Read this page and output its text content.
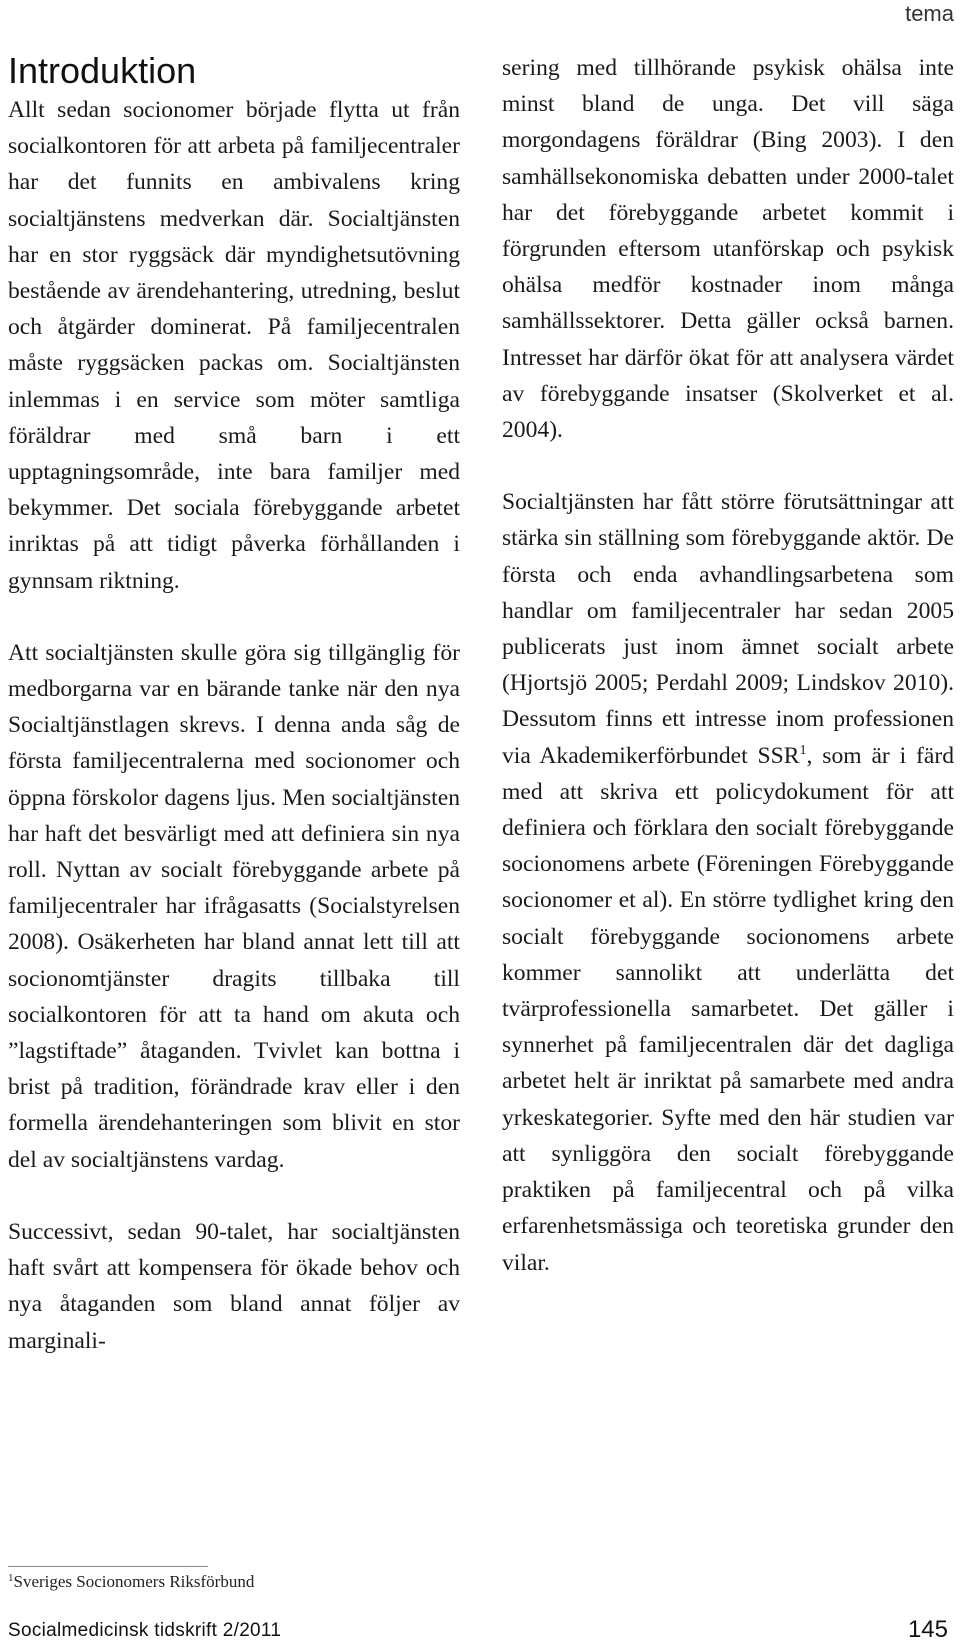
tema
Introduktion

Allt sedan socionomer började flytta ut från socialkontoren för att arbeta på familjecentraler har det funnits en ambivalens kring socialtjänstens medverkan där. Socialtjänsten har en stor ryggsäck där myndighetsutövning bestående av ärendehantering, utredning, beslut och åtgärder dominerat. På familjecentralen måste ryggsäcken packas om. Socialtjänsten inlemmas i en service som möter samtliga föräldrar med små barn i ett upptagningsområde, inte bara familjer med bekymmer. Det sociala förebyggande arbetet inriktas på att tidigt påverka förhållanden i gynnsam riktning.

Att socialtjänsten skulle göra sig tillgänglig för medborgarna var en bärande tanke när den nya Socialtjänstlagen skrevs. I denna anda såg de första familjecentralerna med socionomer och öppna förskolor dagens ljus. Men socialtjänsten har haft det besvärligt med att definiera sin nya roll. Nyttan av socialt förebyggande arbete på familjecentraler har ifrågasatts (Socialstyrelsen 2008). Osäkerheten har bland annat lett till att socionomtjänster dragits tillbaka till socialkontoren för att ta hand om akuta och ”lagstiftade” åtaganden. Tvivlet kan bottna i brist på tradition, förändrade krav eller i den formella ärendehanteringen som blivit en stor del av socialtjänstens vardag.

Successivt, sedan 90-talet, har socialtjänsten haft svårt att kompensera för ökade behov och nya åtaganden som bland annat följer av marginali-

sering med tillhörande psykisk ohälsa inte minst bland de unga. Det vill säga morgondagens föräldrar (Bing 2003). I den samhällsekonomiska debatten under 2000-talet har det förebyggande arbetet kommit i förgrunden eftersom utanförskap och psykisk ohälsa medför kostnader inom många samhällssektorer. Detta gäller också barnen. Intresset har därför ökat för att analysera värdet av förebyggande insatser (Skolverket et al. 2004).

Socialtjänsten har fått större förutsättningar att stärka sin ställning som förebyggande aktör. De första och enda avhandlingsarbetena som handlar om familjecentraler har sedan 2005 publicerats just inom ämnet socialt arbete (Hjortsjö 2005; Perdahl 2009; Lindskov 2010). Dessutom finns ett intresse inom professionen via Akademikerförbundet SSR$^1$, som är i färd med att skriva ett policydokument för att definiera och förklara den socialt förebyggande socionomens arbete (Föreningen Förebyggande socionomer et al). En större tydlighet kring den socialt förebyggande socionomens arbete kommer sannolikt att underlätta det tvärprofessionella samarbetet. Det gäller i synnerhet på familjecentralen där det dagliga arbetet helt är inriktat på samarbete med andra yrkeskategorier. Syfte med den här studien var att synliggöra den socialt förebyggande praktiken på familjecentral och på vilka erfarenhetsmässiga och teoretiska grunder den vilar.

$^1$Sveriges Socionomers Riksförbund
Socialmedicinsk tidskrift 2/2011	145
